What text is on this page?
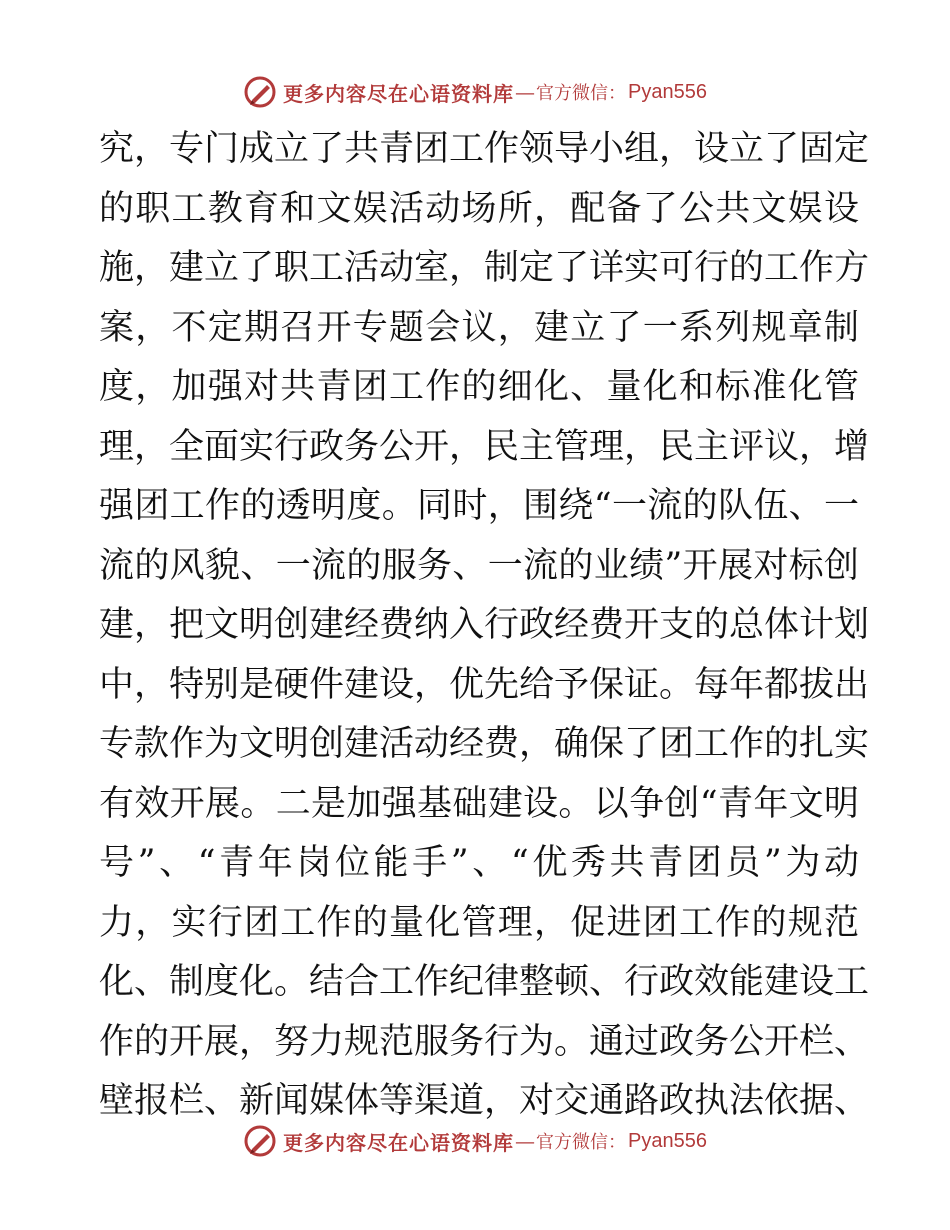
更多内容尽在心语资料库 — 官方微信： Pyan556
究，专门成立了共青团工作领导小组，设立了固定
的职工教育和文娱活动场所，配备了公共文娱设
施，建立了职工活动室，制定了详实可行的工作方
案，不定期召开专题会议，建立了一系列规章制
度，加强对共青团工作的细化、量化和标准化管
理，全面实行政务公开，民主管理，民主评议，增
强团工作的透明度。同时，围绕“一流的队伍、一
流的风貌、一流的服务、一流的业绩”开展对标创
建，把文明创建经费纳入行政经费开支的总体计划
中，特别是硬件建设，优先给予保证。每年都拔出
专款作为文明创建活动经费，确保了团工作的扎实
有效开展。二是加强基础建设。以争创“青年文明
号”、“青年岗位能手”、“优秀共青团员”为动
力，实行团工作的量化管理，促进团工作的规范
化、制度化。结合工作纪律整顿、行政效能建设工
作的开展，努力规范服务行为。通过政务公开栏、
壁报栏、新闻媒体等渠道，对交通路政执法依据、
更多内容尽在心语资料库 — 官方微信： Pyan556
